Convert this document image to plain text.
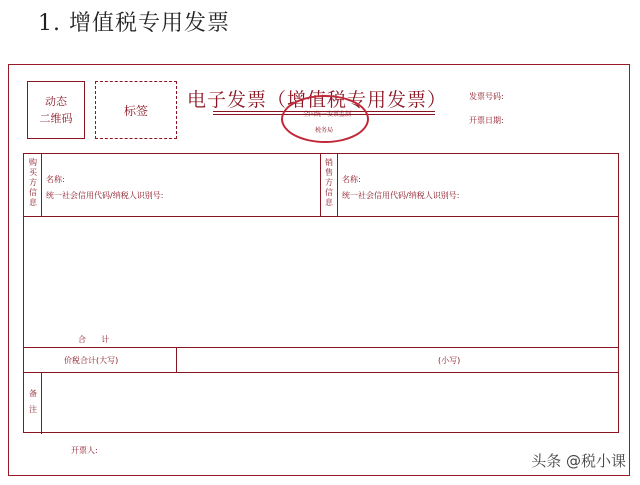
1. 增值税专用发票
动态
二维码
标签 电子发票（增值税专用发票）
全国统一发票监制
税务局
发票号码:
开票日期:
购买方信息
销售方信息
名称:
统一社会信用代码/纳税人识别号:
名称:
统一社会信用代码/纳税人识别号:
合      计
价税合计(大写)	(小写)
备注
开票人:
头条 @税小课
